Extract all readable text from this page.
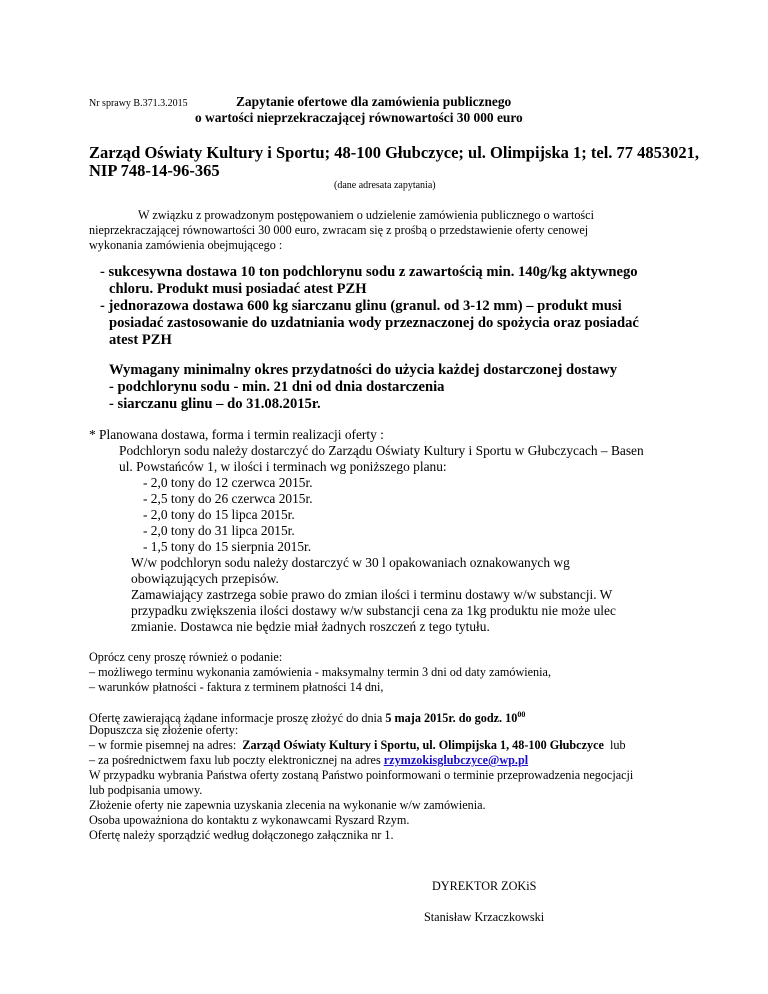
Nr sprawy B.371.3.2015	Zapytanie ofertowe dla zamówienia publicznego
o wartości nieprzekraczającej równowartości 30 000 euro
Zarząd Oświaty Kultury i Sportu; 48-100 Głubczyce; ul. Olimpijska 1; tel. 77 4853021,
NIP 748-14-96-365
(dane adresata zapytania)
W związku z prowadzonym postępowaniem o udzielenie zamówienia publicznego o wartości
nieprzekraczającej równowartości 30 000 euro, zwracam się z prośbą o przedstawienie oferty cenowej
wykonania zamówienia obejmującego :
- sukcesywna dostawa 10 ton podchlorynu sodu z zawartością min. 140g/kg aktywnego
chloru. Produkt musi posiadać atest PZH
- jednorazowa dostawa 600 kg siarczanu glinu (granul. od 3-12 mm) – produkt musi
posiadać zastosowanie do uzdatniania wody przeznaczonej do spożycia oraz posiadać
atest PZH
Wymagany minimalny okres przydatności do użycia każdej dostarczonej dostawy
- podchlorynu sodu - min. 21 dni od dnia dostarczenia
- siarczanu glinu – do 31.08.2015r.
* Planowana dostawa, forma i termin realizacji oferty :
Podchloryn sodu należy dostarczyć do Zarządu Oświaty Kultury i Sportu w Głubczycach – Basen
ul. Powstańców 1, w ilości i terminach wg poniższego planu:
- 2,0 tony do 12 czerwca 2015r.
- 2,5 tony do 26 czerwca 2015r.
- 2,0 tony do 15 lipca 2015r.
- 2,0 tony do 31 lipca 2015r.
- 1,5 tony do 15 sierpnia 2015r.
W/w podchloryn sodu należy dostarczyć w 30 l opakowaniach oznakowanych wg
obowiązujących przepisów.
Zamawiający zastrzega sobie prawo do zmian ilości i terminu dostawy w/w substancji. W
przypadku zwiększenia ilości dostawy w/w substancji cena za 1kg produktu nie może ulec
zmianie. Dostawca nie będzie miał żadnych roszczeń z tego tytułu.
Oprócz ceny proszę również o podanie:
– możliwego terminu wykonania zamówienia - maksymalny termin 3 dni od daty zamówienia,
– warunków płatności - faktura z terminem płatności 14 dni,
Ofertę zawierającą żądane informacje proszę złożyć do dnia 5 maja 2015r. do godz. $10^{00}$
Dopuszcza się złożenie oferty:
– w formie pisemnej na adres:  Zarząd Oświaty Kultury i Sportu, ul. Olimpijska 1, 48-100 Głubczyce  lub
– za pośrednictwem faxu lub poczty elektronicznej na adres rzymzokisglubczyce@wp.pl
W przypadku wybrania Państwa oferty zostaną Państwo poinformowani o terminie przeprowadzenia negocjacji
lub podpisania umowy.
Złożenie oferty nie zapewnia uzyskania zlecenia na wykonanie w/w zamówienia.
Osoba upoważniona do kontaktu z wykonawcami Ryszard Rzym.
Ofertę należy sporządzić według dołączonego załącznika nr 1.
DYREKTOR ZOKiS
Stanisław Krzaczkowski
